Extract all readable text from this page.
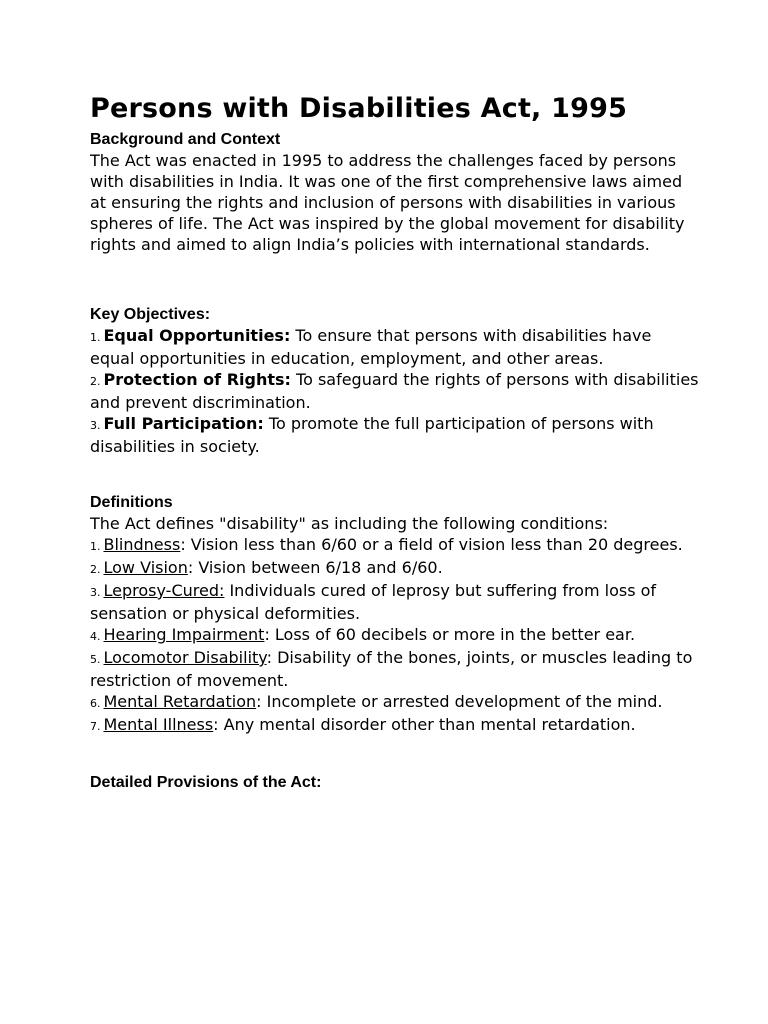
Persons with Disabilities Act, 1995

Background and Context

The Act was enacted in 1995 to address the challenges faced by persons with disabilities in India. It was one of the first comprehensive laws aimed at ensuring the rights and inclusion of persons with disabilities in various spheres of life. The Act was inspired by the global movement for disability rights and aimed to align India’s policies with international standards.

Key Objectives:

1. Equal Opportunities: To ensure that persons with disabilities have equal opportunities in education, employment, and other areas.
2. Protection of Rights: To safeguard the rights of persons with disabilities and prevent discrimination.
3. Full Participation: To promote the full participation of persons with disabilities in society.

Definitions

The Act defines "disability" as including the following conditions:

1. Blindness: Vision less than 6/60 or a field of vision less than 20 degrees.
2. Low Vision: Vision between 6/18 and 6/60.
3. Leprosy-Cured: Individuals cured of leprosy but suffering from loss of sensation or physical deformities.
4. Hearing Impairment: Loss of 60 decibels or more in the better ear.
5. Locomotor Disability: Disability of the bones, joints, or muscles leading to restriction of movement.
6. Mental Retardation: Incomplete or arrested development of the mind.
7. Mental Illness: Any mental disorder other than mental retardation.

Detailed Provisions of the Act:
